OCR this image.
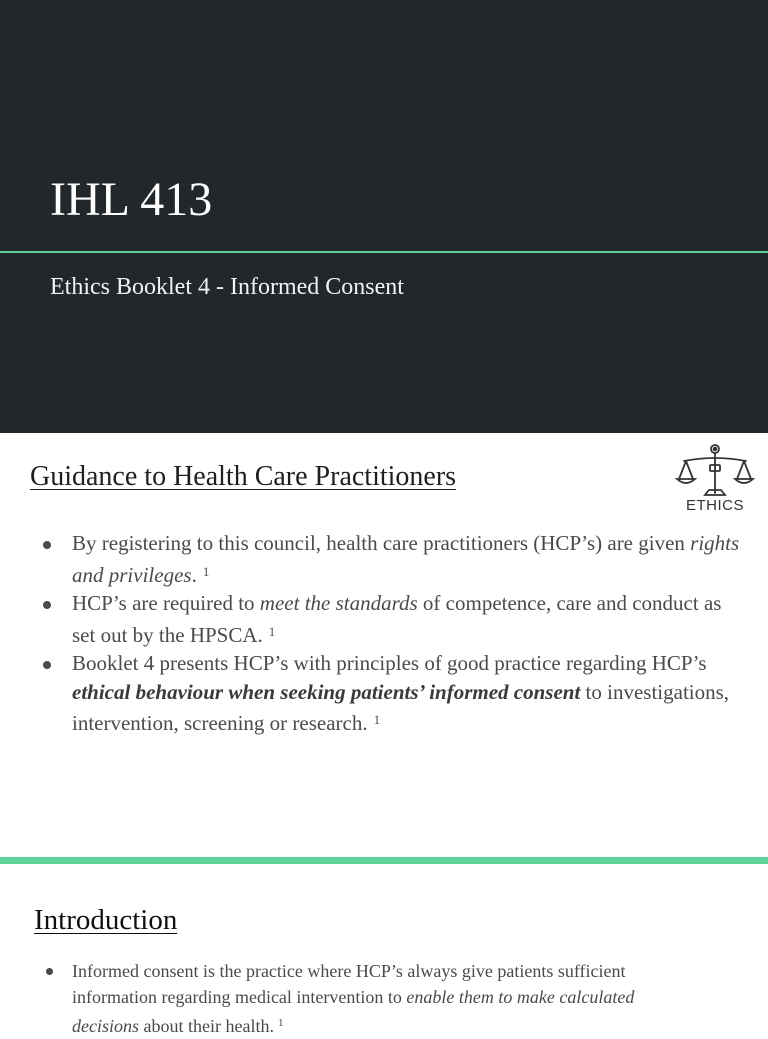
IHL 413
Ethics Booklet 4 - Informed Consent
Guidance to Health Care Practitioners
ETHICS
By registering to this council, health care practitioners (HCP’s) are given rights and privileges. $^1$
HCP’s are required to meet the standards of competence, care and conduct as set out by the HPSCA. $^1$
Booklet 4 presents HCP’s with principles of good practice regarding HCP’s ethical behaviour when seeking patients’ informed consent to investigations, intervention, screening or research. $^1$
Introduction
Informed consent is the practice where HCP’s always give patients sufficient information regarding medical intervention to enable them to make calculated decisions about their health. $^1$
